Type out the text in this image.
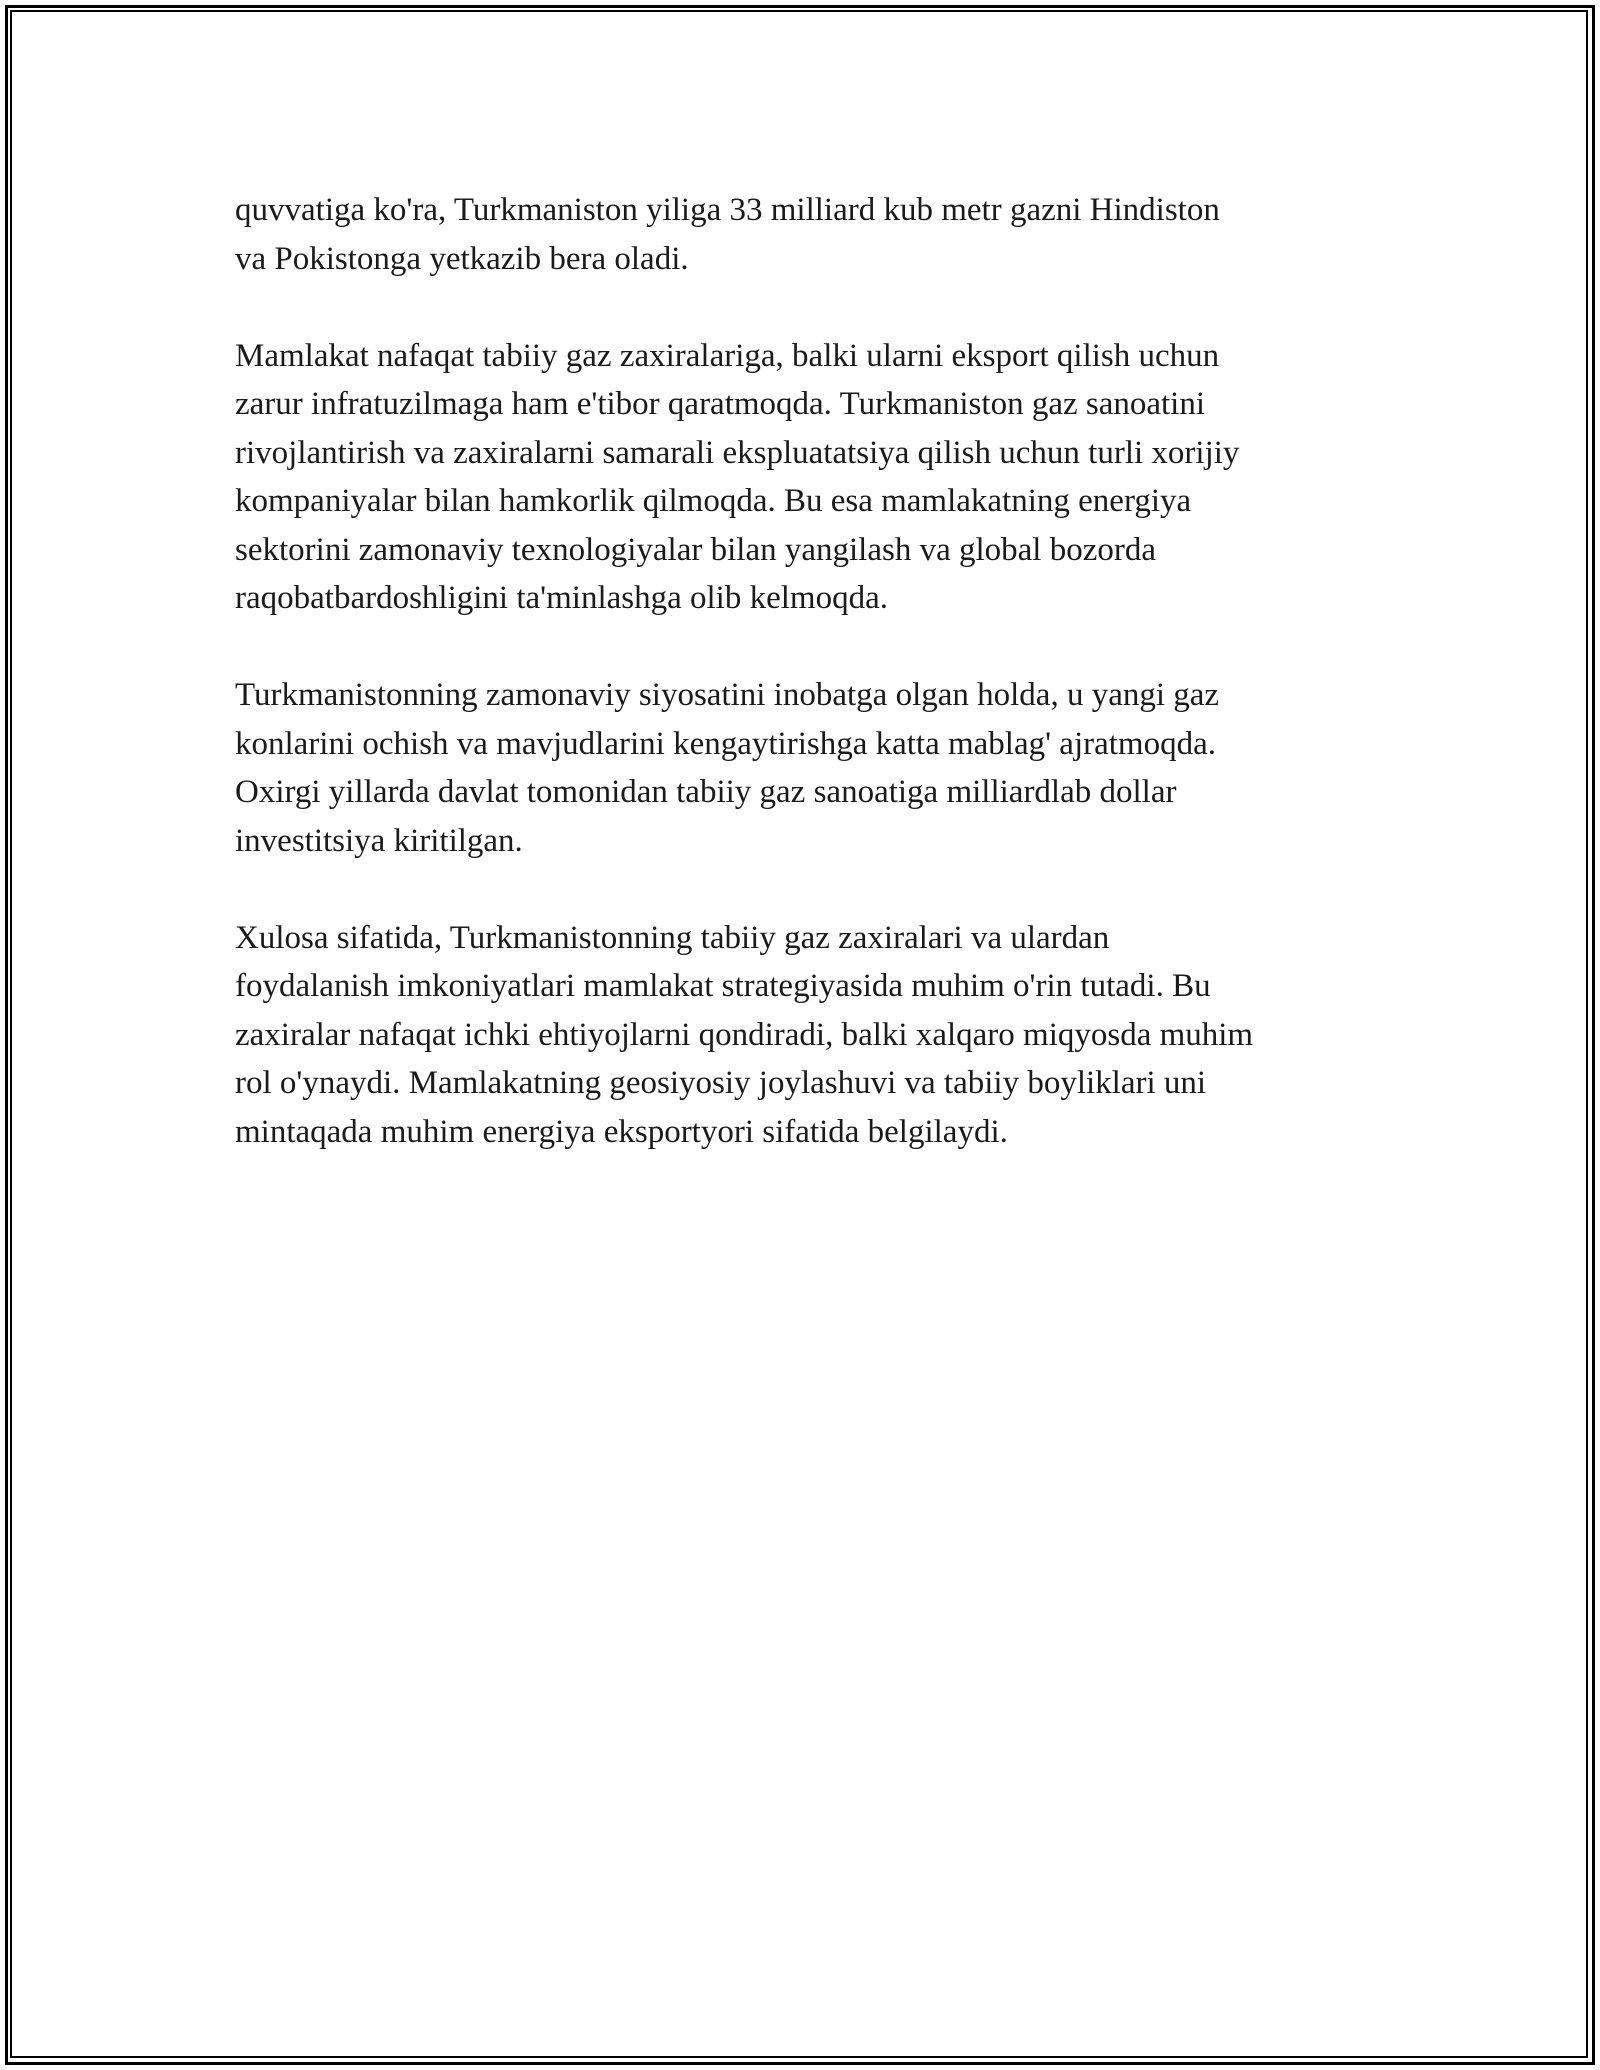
quvvatiga ko'ra, Turkmaniston yiliga 33 milliard kub metr gazni Hindiston
va Pokistonga yetkazib bera oladi.

Mamlakat nafaqat tabiiy gaz zaxiralariga, balki ularni eksport qilish uchun
zarur infratuzilmaga ham e'tibor qaratmoqda. Turkmaniston gaz sanoatini
rivojlantirish va zaxiralarni samarali ekspluatatsiya qilish uchun turli xorijiy
kompaniyalar bilan hamkorlik qilmoqda. Bu esa mamlakatning energiya
sektorini zamonaviy texnologiyalar bilan yangilash va global bozorda
raqobatbardoshligini ta'minlashga olib kelmoqda.

Turkmanistonning zamonaviy siyosatini inobatga olgan holda, u yangi gaz
konlarini ochish va mavjudlarini kengaytirishga katta mablag' ajratmoqda.
Oxirgi yillarda davlat tomonidan tabiiy gaz sanoatiga milliardlab dollar
investitsiya kiritilgan.

Xulosa sifatida, Turkmanistonning tabiiy gaz zaxiralari va ulardan
foydalanish imkoniyatlari mamlakat strategiyasida muhim o'rin tutadi. Bu
zaxiralar nafaqat ichki ehtiyojlarni qondiradi, balki xalqaro miqyosda muhim
rol o'ynaydi. Mamlakatning geosiyosiy joylashuvi va tabiiy boyliklari uni
mintaqada muhim energiya eksportyori sifatida belgilaydi.
